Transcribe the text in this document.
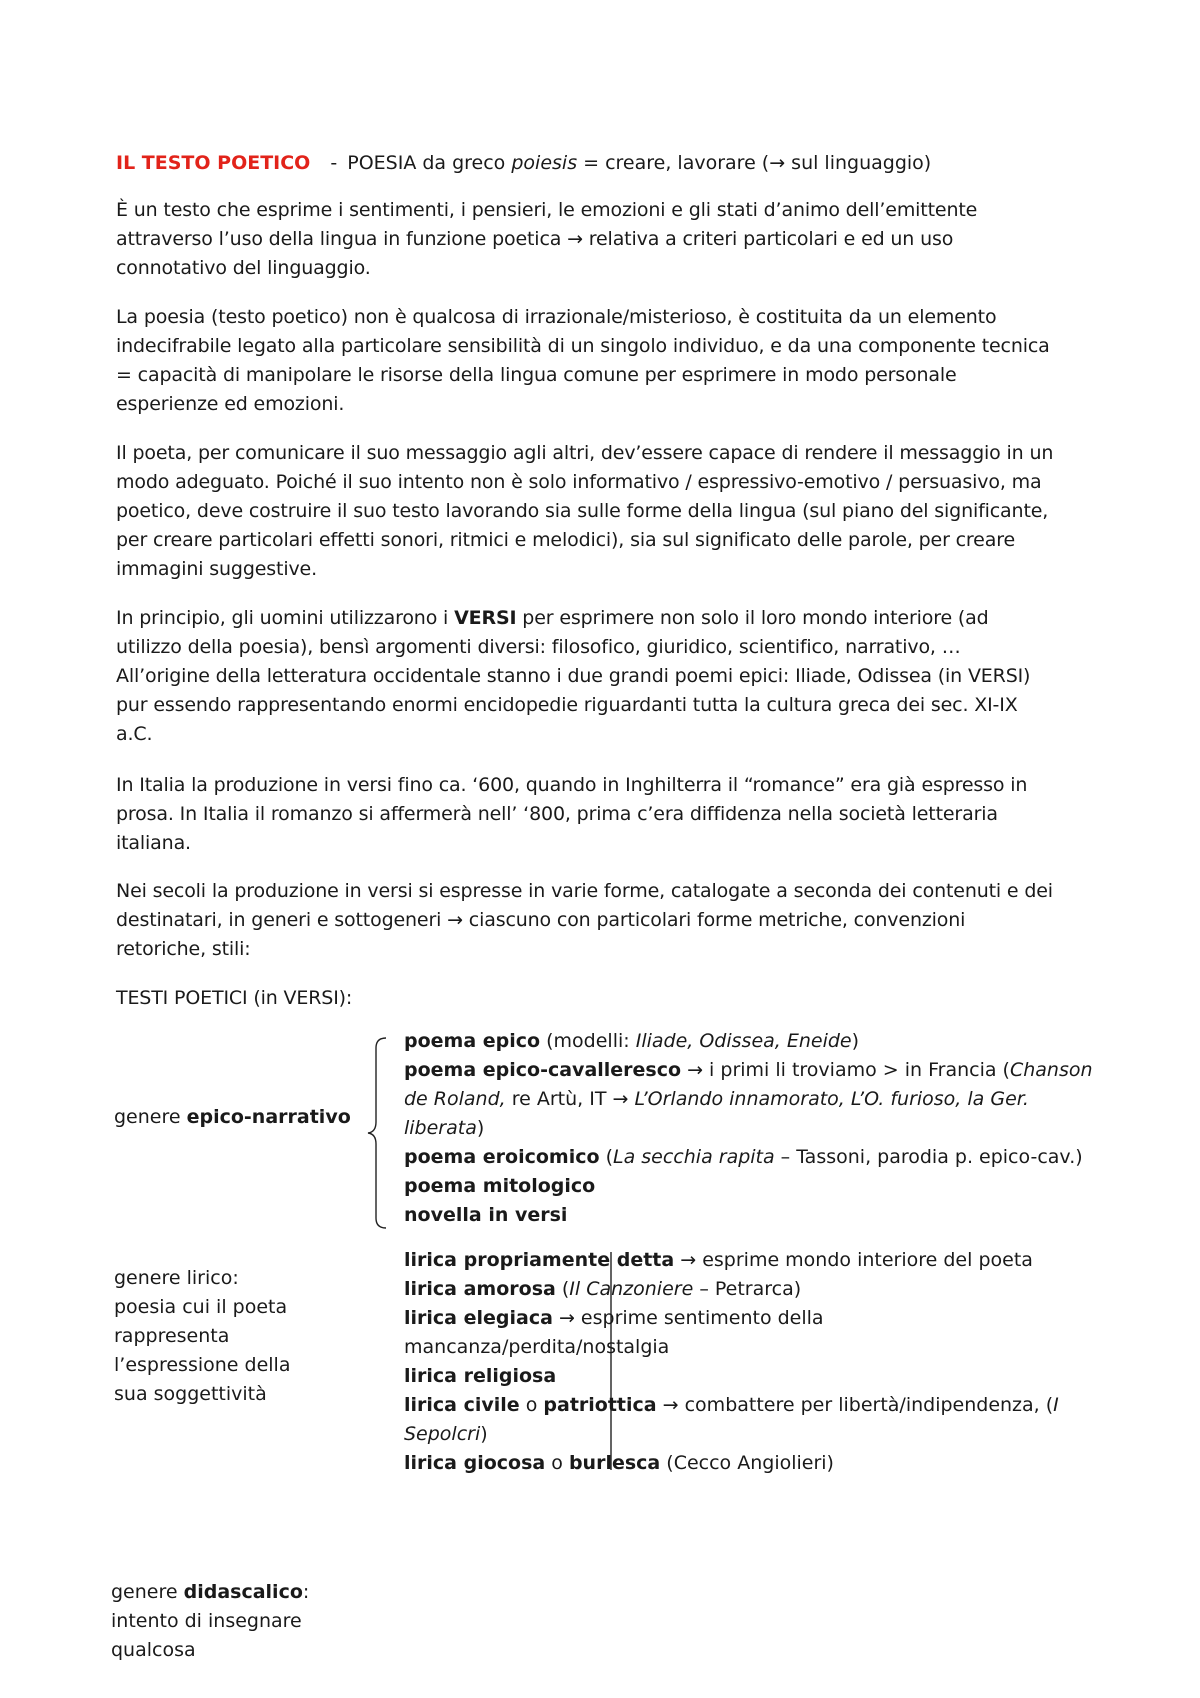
IL TESTO POETICO - POESIA da greco poiesis = creare, lavorare (→ sul linguaggio)

È un testo che esprime i sentimenti, i pensieri, le emozioni e gli stati d’animo dell’emittente
attraverso l’uso della lingua in funzione poetica → relativa a criteri particolari e ed un uso
connotativo del linguaggio.

La poesia (testo poetico) non è qualcosa di irrazionale/misterioso, è costituita da un elemento
indecifrabile legato alla particolare sensibilità di un singolo individuo, e da una componente tecnica
= capacità di manipolare le risorse della lingua comune per esprimere in modo personale
esperienze ed emozioni.

Il poeta, per comunicare il suo messaggio agli altri, dev’essere capace di rendere il messaggio in un
modo adeguato. Poiché il suo intento non è solo informativo / espressivo-emotivo / persuasivo, ma
poetico, deve costruire il suo testo lavorando sia sulle forme della lingua (sul piano del significante,
per creare particolari effetti sonori, ritmici e melodici), sia sul significato delle parole, per creare
immagini suggestive.

In principio, gli uomini utilizzarono i VERSI per esprimere non solo il loro mondo interiore (ad
utilizzo della poesia), bensì argomenti diversi: filosofico, giuridico, scientifico, narrativo, …
All’origine della letteratura occidentale stanno i due grandi poemi epici: Iliade, Odissea (in VERSI)
pur essendo rappresentando enormi encidopedie riguardanti tutta la cultura greca dei sec. XI-IX
a.C.

In Italia la produzione in versi fino ca. ‘600, quando in Inghilterra il “romance” era già espresso in
prosa. In Italia il romanzo si affermerà nell’ ‘800, prima c’era diffidenza nella società letteraria
italiana.

Nei secoli la produzione in versi si espresse in varie forme, catalogate a seconda dei contenuti e dei
destinatari, in generi e sottogeneri → ciascuno con particolari forme metriche, convenzioni
retoriche, stili:

TESTI POETICI (in VERSI):

genere epico-narrativo
poema epico (modelli: Iliade, Odissea, Eneide)
poema epico-cavalleresco → i primi li troviamo > in Francia (Chanson de Roland, re Artù, IT → L’Orlando innamorato, L’O. furioso, la Ger. liberata)
poema eroicomico (La secchia rapita – Tassoni, parodia p. epico-cav.)
poema mitologico
novella in versi
genere lirico:
poesia cui il poeta
rappresenta
l’espressione della
sua soggettività
lirica propriamente detta → esprime mondo interiore del poeta
lirica amorosa (Il Canzoniere – Petrarca)
lirica elegiaca → esprime sentimento della mancanza/perdita/nostalgia
lirica religiosa
lirica civile o patriottica → combattere per libertà/indipendenza, (I Sepolcri)
lirica giocosa o burlesca (Cecco Angiolieri)
genere didascalico:
intento di insegnare
qualcosa
